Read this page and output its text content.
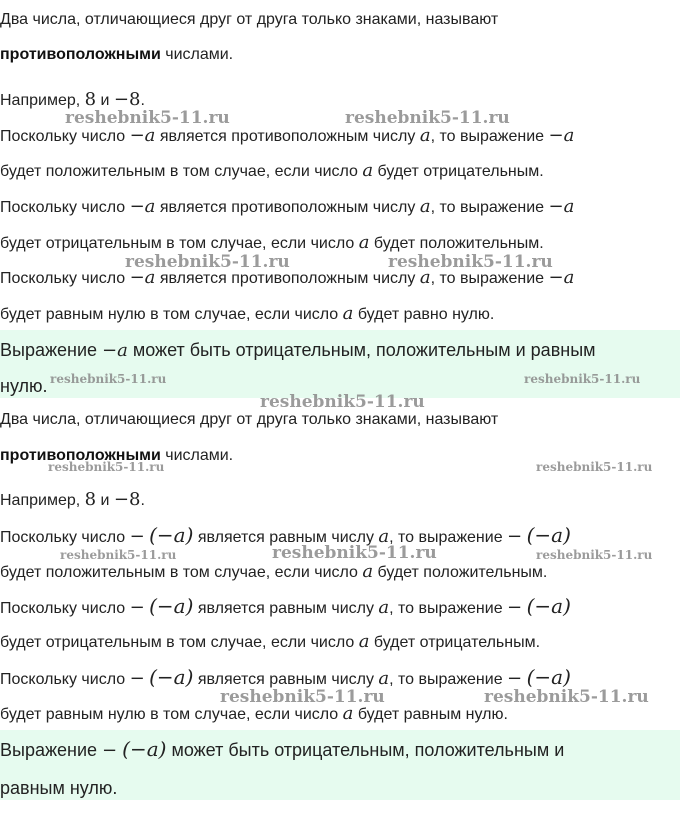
Два числа, отличающиеся друг от друга только знаками, называют
противоположными числами.
Например, 8 и −8.
Поскольку число −a является противоположным числу a, то выражение −a
будет положительным в том случае, если число a будет отрицательным.
Поскольку число −a является противоположным числу a, то выражение −a
будет отрицательным в том случае, если число a будет положительным.
Поскольку число −a является противоположным числу a, то выражение −a
будет равным нулю в том случае, если число a будет равно нулю.
Выражение −a может быть отрицательным, положительным и равным
нулю.
Два числа, отличающиеся друг от друга только знаками, называют
противоположными числами.
Например, 8 и −8.
Поскольку число − (−a) является равным числу a, то выражение − (−a)
будет положительным в том случае, если число a будет положительным.
Поскольку число − (−a) является равным числу a, то выражение − (−a)
будет отрицательным в том случае, если число a будет отрицательным.
Поскольку число − (−a) является равным числу a, то выражение − (−a)
будет равным нулю в том случае, если число a будет равным нулю.
Выражение − (−a) может быть отрицательным, положительным и
равным нулю.
reshebnik5-11.ru	reshebnik5-11.ru
reshebnik5-11.ru	reshebnik5-11.ru
reshebnik5-11.ru	reshebnik5-11.ru
reshebnik5-11.ru
reshebnik5-11.ru	reshebnik5-11.ru
reshebnik5-11.ru	reshebnik5-11.ru	reshebnik5-11.ru
reshebnik5-11.ru	reshebnik5-11.ru
